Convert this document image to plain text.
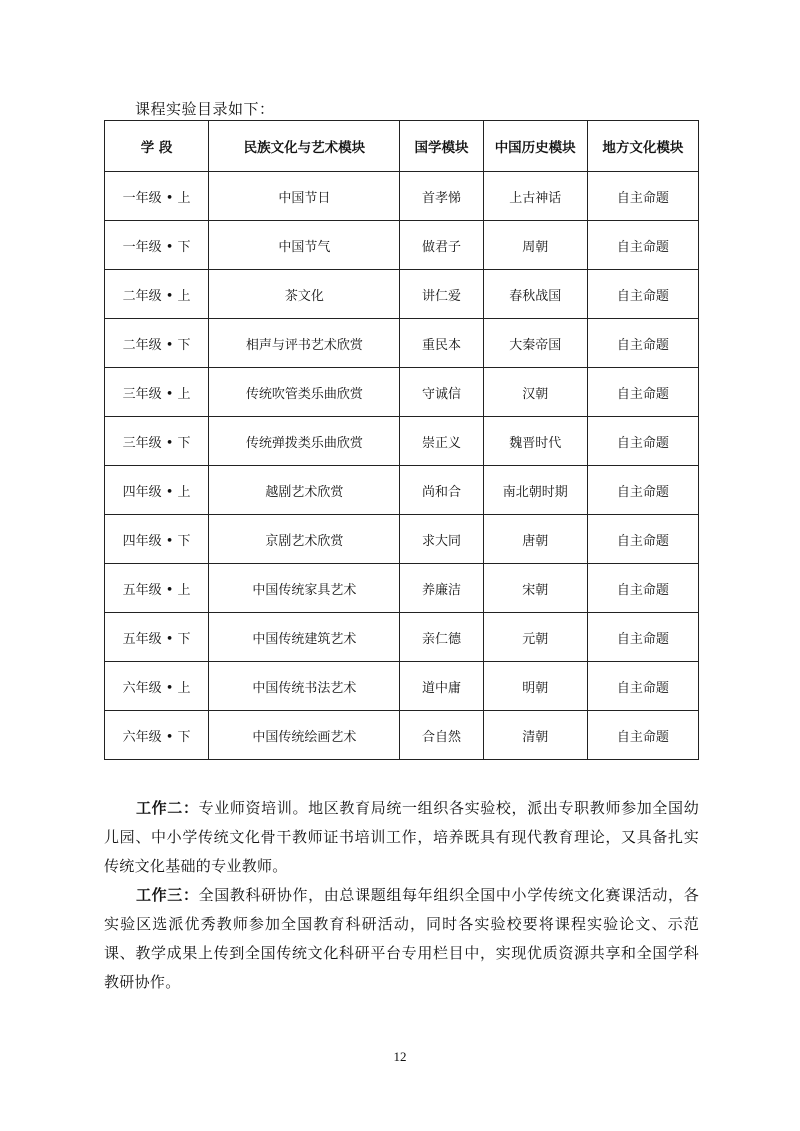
课程实验目录如下：
学 段	民族文化与艺术模块	国学模块	中国历史模块	地方文化模块
一年级 • 上	中国节日	首孝悌	上古神话	自主命题
一年级 • 下	中国节气	做君子	周朝	自主命题
二年级 • 上	茶文化	讲仁爱	春秋战国	自主命题
二年级 • 下	相声与评书艺术欣赏	重民本	大秦帝国	自主命题
三年级 • 上	传统吹管类乐曲欣赏	守诚信	汉朝	自主命题
三年级 • 下	传统弹拨类乐曲欣赏	崇正义	魏晋时代	自主命题
四年级 • 上	越剧艺术欣赏	尚和合	南北朝时期	自主命题
四年级 • 下	京剧艺术欣赏	求大同	唐朝	自主命题
五年级 • 上	中国传统家具艺术	养廉洁	宋朝	自主命题
五年级 • 下	中国传统建筑艺术	亲仁德	元朝	自主命题
六年级 • 上	中国传统书法艺术	道中庸	明朝	自主命题
六年级 • 下	中国传统绘画艺术	合自然	清朝	自主命题

工作二：专业师资培训。地区教育局统一组织各实验校，派出专职教师参加全国幼儿园、中小学传统文化骨干教师证书培训工作，培养既具有现代教育理论，又具备扎实传统文化基础的专业教师。

工作三：全国教科研协作，由总课题组每年组织全国中小学传统文化赛课活动，各实验区选派优秀教师参加全国教育科研活动，同时各实验校要将课程实验论文、示范课、教学成果上传到全国传统文化科研平台专用栏目中，实现优质资源共享和全国学科教研协作。

12
